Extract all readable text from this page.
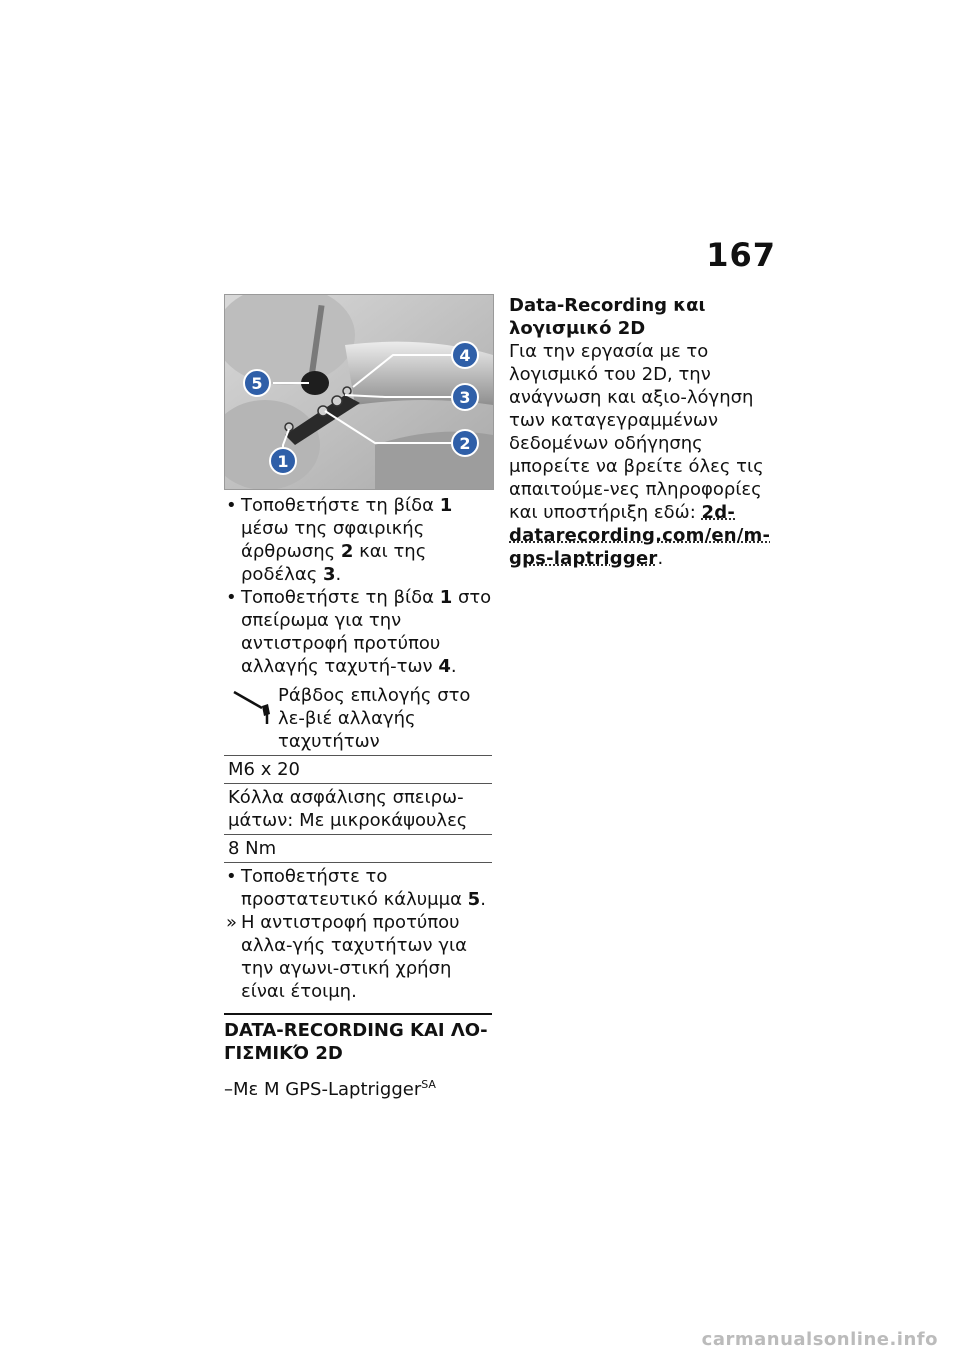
167
4
3
2
1
5
• Τοποθετήστε τη βίδα 1 μέσω της σφαιρικής άρθρωσης 2 και της ροδέλας 3.
• Τοποθετήστε τη βίδα 1 στο σπείρωμα για την αντιστροφή προτύπου αλλαγής ταχυτή-των 4.
Ράβδος επιλογής στο λε-βιέ αλλαγής ταχυτήτων

M6 x 20
Κόλλα ασφάλισης σπειρω-μάτων: Με μικροκάψουλες
8 Nm
• Τοποθετήστε το προστατευτικό κάλυμμα 5.
» Η αντιστροφή προτύπου αλλα-γής ταχυτήτων για την αγωνι-στική χρήση είναι έτοιμη.
DATA-RECORDING ΚΑΙ ΛΟ-ΓΙΣΜΙΚΌ 2D
–Με M GPS-Laptrigger$^{SA}$
Data-Recording και λογισμικό 2D
Για την εργασία με το λογισμικό του 2D, την ανάγνωση και αξιο-λόγηση των καταγεγραμμένων δεδομένων οδήγησης μπορείτε να βρείτε όλες τις απαιτούμε-νες πληροφορίες και υποστήριξη εδώ: 2d-datarecording.com/en/m-gps-laptrigger.
carmanualsonline.info
